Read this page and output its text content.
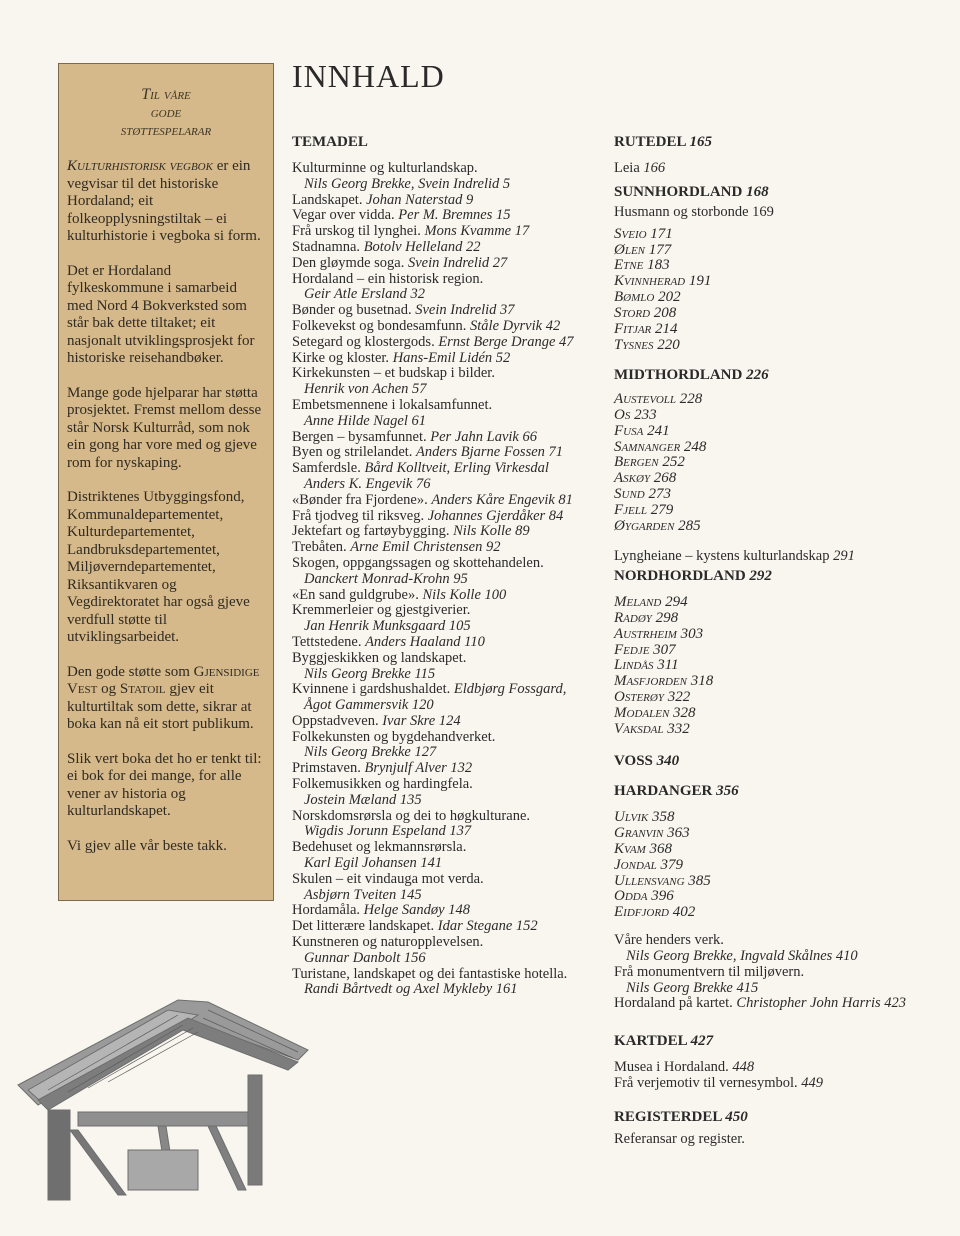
Til våre
gode
støttespelarar

Kulturhistorisk vegbok er ein vegvisar til det historiske Hordaland; eit folkeopplysningstiltak – ei kulturhistorie i vegboka si form.

Det er Hordaland fylkeskommune i samarbeid med Nord 4 Bokverksted som står bak dette tiltaket; eit nasjonalt utviklingsprosjekt for historiske reisehandbøker.

Mange gode hjelparar har støtta prosjektet. Fremst mellom desse står Norsk Kulturråd, som nok ein gong har vore med og gjeve rom for nyskaping.

Distriktenes Utbyggingsfond, Kommunaldepartementet, Kulturdepartementet, Landbruksdepartementet, Miljøverndepartementet, Riksantikvaren og Vegdirektoratet har også gjeve verdfull støtte til utviklingsarbeidet.

Den gode støtte som Gjensidige Vest og Statoil gjev eit kulturtiltak som dette, sikrar at boka kan nå eit stort publikum.

Slik vert boka det ho er tenkt til: ei bok for dei mange, for alle vener av historia og kulturlandskapet.

Vi gjev alle vår beste takk.

INNHALD
TEMADEL
Kulturminne og kulturlandskap.
Nils Georg Brekke, Svein Indrelid 5
Landskapet. Johan Naterstad 9
Vegar over vidda. Per M. Bremnes 15
Frå urskog til lynghei. Mons Kvamme 17
Stadnamna. Botolv Helleland 22
Den gløymde soga. Svein Indrelid 27
Hordaland – ein historisk region.
Geir Atle Ersland 32
Bønder og busetnad. Svein Indrelid 37
Folkevekst og bondesamfunn. Ståle Dyrvik 42
Setegard og klostergods. Ernst Berge Drange 47
Kirke og kloster. Hans-Emil Lidén 52
Kirkekunsten – et budskap i bilder.
Henrik von Achen 57
Embetsmennene i lokalsamfunnet.
Anne Hilde Nagel 61
Bergen – bysamfunnet. Per Jahn Lavik 66
Byen og strilelandet. Anders Bjarne Fossen 71
Samferdsle. Bård Kolltveit, Erling Virkesdal
Anders K. Engevik 76
«Bønder fra Fjordene». Anders Kåre Engevik 81
Frå tjodveg til riksveg. Johannes Gjerdåker 84
Jektefart og fartøybygging. Nils Kolle 89
Trebåten. Arne Emil Christensen 92
Skogen, oppgangssagen og skottehandelen.
Danckert Monrad-Krohn 95
«En sand guldgrube». Nils Kolle 100
Kremmerleier og gjestgiverier.
Jan Henrik Munksgaard 105
Tettstedene. Anders Haaland 110
Byggjeskikken og landskapet.
Nils Georg Brekke 115
Kvinnene i gardshushaldet. Eldbjørg Fossgard,
Ågot Gammersvik 120
Oppstadveven. Ivar Skre 124
Folkekunsten og bygdehandverket.
Nils Georg Brekke 127
Primstaven. Brynjulf Alver 132
Folkemusikken og hardingfela.
Jostein Mæland 135
Norskdomsrørsla og dei to høgkulturane.
Wigdis Jorunn Espeland 137
Bedehuset og lekmannsrørsla.
Karl Egil Johansen 141
Skulen – eit vindauga mot verda.
Asbjørn Tveiten 145
Hordamåla. Helge Sandøy 148
Det litterære landskapet. Idar Stegane 152
Kunstneren og naturopplevelsen.
Gunnar Danbolt 156
Turistane, landskapet og dei fantastiske hotella.
Randi Bårtvedt og Axel Mykleby 161
RUTEDEL 165
Leia 166
SUNNHORDLAND 168
Husmann og storbonde 169
Sveio 171
Ølen 177
Etne 183
Kvinnherad 191
Bømlo 202
Stord 208
Fitjar 214
Tysnes 220
MIDTHORDLAND 226
Austevoll 228
Os 233
Fusa 241
Samnanger 248
Bergen 252
Askøy 268
Sund 273
Fjell 279
Øygarden 285
Lyngheiane – kystens kulturlandskap 291
NORDHORDLAND 292
Meland 294
Radøy 298
Austrheim 303
Fedje 307
Lindås 311
Masfjorden 318
Osterøy 322
Modalen 328
Vaksdal 332
VOSS 340
HARDANGER 356
Ulvik 358
Granvin 363
Kvam 368
Jondal 379
Ullensvang 385
Odda 396
Eidfjord 402
Våre henders verk.
Nils Georg Brekke, Ingvald Skålnes 410
Frå monumentvern til miljøvern.
Nils Georg Brekke 415
Hordaland på kartet. Christopher John Harris 423
KARTDEL 427
Musea i Hordaland. 448
Frå verjemotiv til vernesymbol. 449
REGISTERDEL 450
Referansar og register.
